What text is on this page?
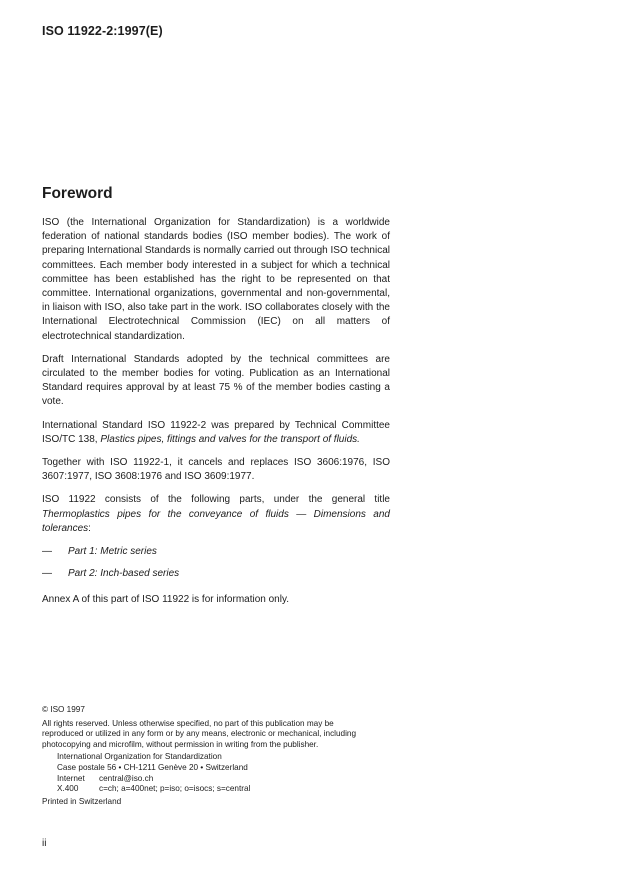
ISO 11922-2:1997(E)
Foreword

ISO (the International Organization for Standardization) is a worldwide federation of national standards bodies (ISO member bodies). The work of preparing International Standards is normally carried out through ISO technical committees. Each member body interested in a subject for which a technical committee has been established has the right to be represented on that committee. International organizations, governmental and non-governmental, in liaison with ISO, also take part in the work. ISO collaborates closely with the International Electrotechnical Commission (IEC) on all matters of electrotechnical standardization.

Draft International Standards adopted by the technical committees are circulated to the member bodies for voting. Publication as an International Standard requires approval by at least 75 % of the member bodies casting a vote.

International Standard ISO 11922-2 was prepared by Technical Committee ISO/TC 138, Plastics pipes, fittings and valves for the transport of fluids.

Together with ISO 11922-1, it cancels and replaces ISO 3606:1976, ISO 3607:1977, ISO 3608:1976 and ISO 3609:1977.

ISO 11922 consists of the following parts, under the general title Thermoplastics pipes for the conveyance of fluids — Dimensions and tolerances:

—	Part 1: Metric series
—	Part 2: Inch-based series

Annex A of this part of ISO 11922 is for information only.

© ISO 1997
All rights reserved. Unless otherwise specified, no part of this publication may be reproduced or utilized in any form or by any means, electronic or mechanical, including photocopying and microfilm, without permission in writing from the publisher.
International Organization for Standardization
Case postale 56 • CH-1211 Genève 20 • Switzerland
Internet	central@iso.ch
X.400	c=ch; a=400net; p=iso; o=isocs; s=central
Printed in Switzerland
ii
